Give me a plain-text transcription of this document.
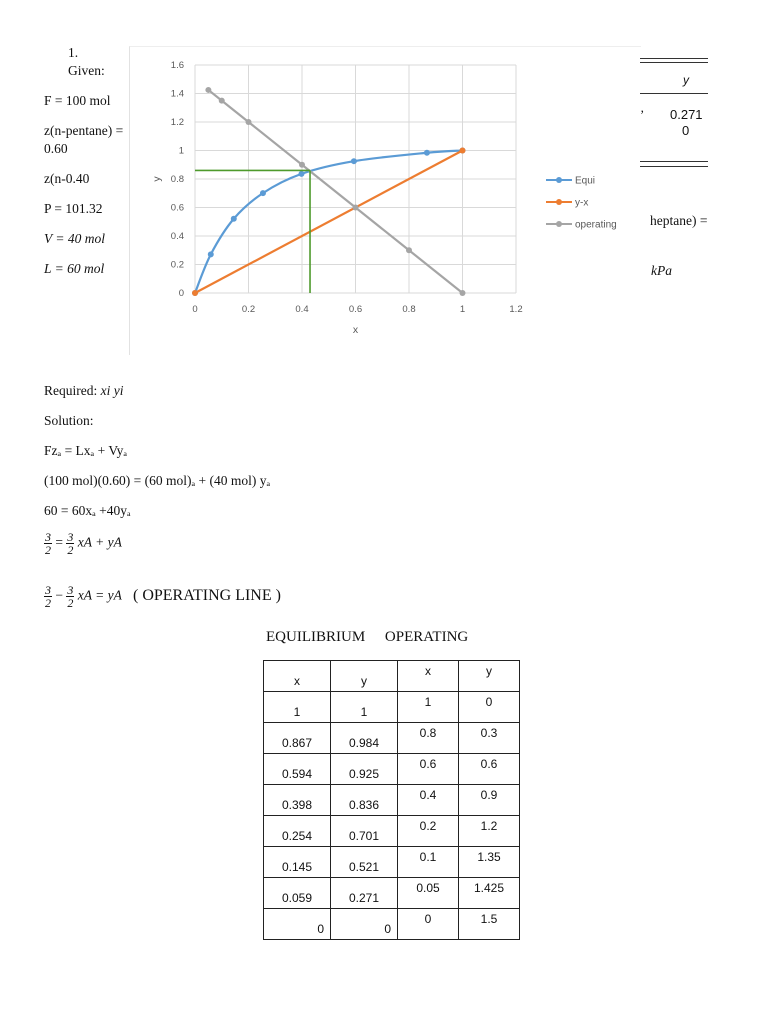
1.
Given:

F = 100 mol

z(n-pentane) = 0.60

z(n-0.40

P = 101.32

V = 40 mol

L = 60 mol

0
0.2
0.4
0.6
0.8
1
1.2
1.4
1.6
0	0.2	0.4	0.6	0.8	1	1.2
x
y	Equi
y-x
operating
y
ʼ 0.271
0
heptane) =
kPa
Required: xi yi
Solution:
Fzₐ = Lxₐ + Vyₐ
(100 mol)(0.60) = (60 mol)ₐ + (40 mol) yₐ
60 = 60xₐ +40yₐ
$\frac{3}{2} = \frac{3}{2}$ xA + yA
$\frac{3}{2} - \frac{3}{2}$ xA = yA ( OPERATING LINE )
EQUILIBRIUM OPERATING
x	y	x	y
1	1	1	0
0.867	0.984	0.8	0.3
0.594	0.925	0.6	0.6
0.398	0.836	0.4	0.9
0.254	0.701	0.2	1.2
0.145	0.521	0.1	1.35
0.059	0.271	0.05	1.425
0	0	0	1.5
